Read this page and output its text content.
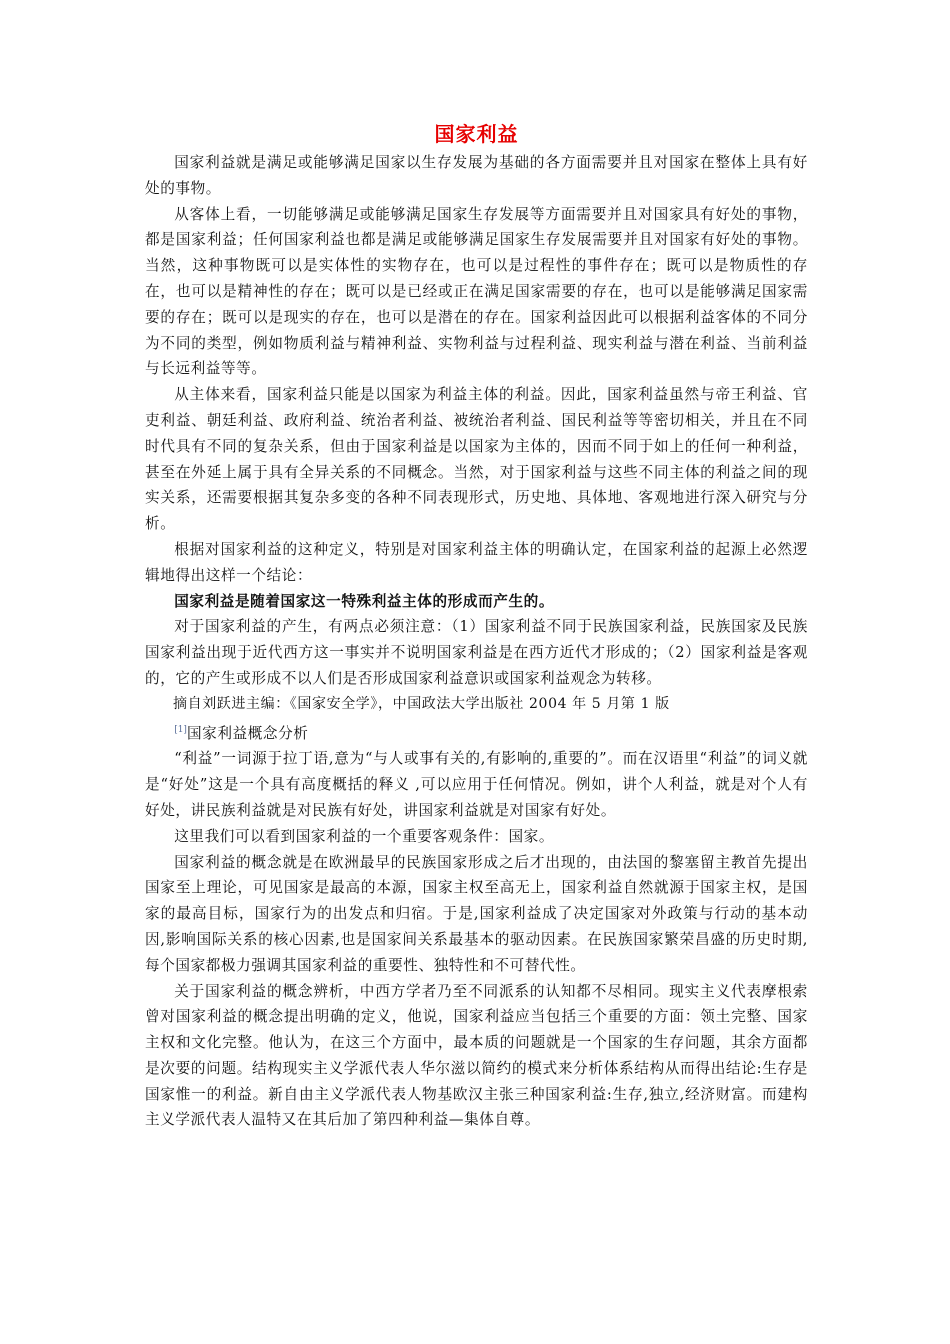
国家利益

国家利益就是满足或能够满足国家以生存发展为基础的各方面需要并且对国家在整体上具有好处的事物。

从客体上看，一切能够满足或能够满足国家生存发展等方面需要并且对国家具有好处的事物，都是国家利益；任何国家利益也都是满足或能够满足国家生存发展需要并且对国家有好处的事物。当然，这种事物既可以是实体性的实物存在，也可以是过程性的事件存在；既可以是物质性的存在，也可以是精神性的存在；既可以是已经或正在满足国家需要的存在，也可以是能够满足国家需要的存在；既可以是现实的存在，也可以是潜在的存在。国家利益因此可以根据利益客体的不同分为不同的类型，例如物质利益与精神利益、实物利益与过程利益、现实利益与潜在利益、当前利益与长远利益等等。

从主体来看，国家利益只能是以国家为利益主体的利益。因此，国家利益虽然与帝王利益、官吏利益、朝廷利益、政府利益、统治者利益、被统治者利益、国民利益等等密切相关，并且在不同时代具有不同的复杂关系，但由于国家利益是以国家为主体的，因而不同于如上的任何一种利益，甚至在外延上属于具有全异关系的不同概念。当然，对于国家利益与这些不同主体的利益之间的现实关系，还需要根据其复杂多变的各种不同表现形式，历史地、具体地、客观地进行深入研究与分析。

根据对国家利益的这种定义，特别是对国家利益主体的明确认定，在国家利益的起源上必然逻辑地得出这样一个结论：

国家利益是随着国家这一特殊利益主体的形成而产生的。

对于国家利益的产生，有两点必须注意：（1）国家利益不同于民族国家利益，民族国家及民族国家利益出现于近代西方这一事实并不说明国家利益是在西方近代才形成的；（2）国家利益是客观的，它的产生或形成不以人们是否形成国家利益意识或国家利益观念为转移。

摘自刘跃进主编：《国家安全学》，中国政法大学出版社 2004 年 5 月第 1 版

[1]国家利益概念分析

“利益”一词源于拉丁语,意为“与人或事有关的,有影响的,重要的”。而在汉语里“利益”的词义就是“好处”这是一个具有高度概括的释义 ,可以应用于任何情况。例如，讲个人利益，就是对个人有好处，讲民族利益就是对民族有好处，讲国家利益就是对国家有好处。

这里我们可以看到国家利益的一个重要客观条件：国家。

国家利益的概念就是在欧洲最早的民族国家形成之后才出现的，由法国的黎塞留主教首先提出国家至上理论，可见国家是最高的本源，国家主权至高无上，国家利益自然就源于国家主权，是国家的最高目标，国家行为的出发点和归宿。于是,国家利益成了决定国家对外政策与行动的基本动因,影响国际关系的核心因素,也是国家间关系最基本的驱动因素。在民族国家繁荣昌盛的历史时期,每个国家都极力强调其国家利益的重要性、独特性和不可替代性。

关于国家利益的概念辨析，中西方学者乃至不同派系的认知都不尽相同。现实主义代表摩根索曾对国家利益的概念提出明确的定义，他说，国家利益应当包括三个重要的方面：领土完整、国家主权和文化完整。他认为，在这三个方面中，最本质的问题就是一个国家的生存问题，其余方面都是次要的问题。结构现实主义学派代表人华尔滋以简约的模式来分析体系结构从而得出结论:生存是国家惟一的利益。新自由主义学派代表人物基欧汉主张三种国家利益:生存,独立,经济财富。而建构主义学派代表人温特又在其后加了第四种利益—集体自尊。
